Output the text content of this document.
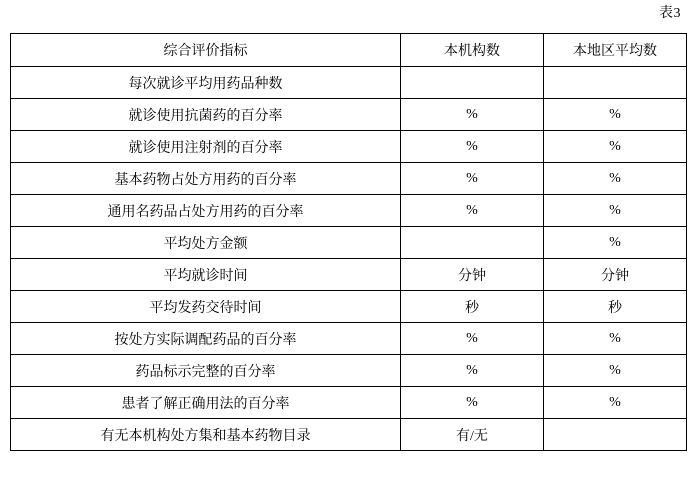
表3
综合评价指标	本机构数	本地区平均数
每次就诊平均用药品种数		
就诊使用抗菌药的百分率	%	%
就诊使用注射剂的百分率	%	%
基本药物占处方用药的百分率	%	%
通用名药品占处方用药的百分率	%	%
平均处方金额		%
平均就诊时间	分钟	分钟
平均发药交待时间	秒	秒
按处方实际调配药品的百分率	%	%
药品标示完整的百分率	%	%
患者了解正确用法的百分率	%	%
有无本机构处方集和基本药物目录	有/无	
